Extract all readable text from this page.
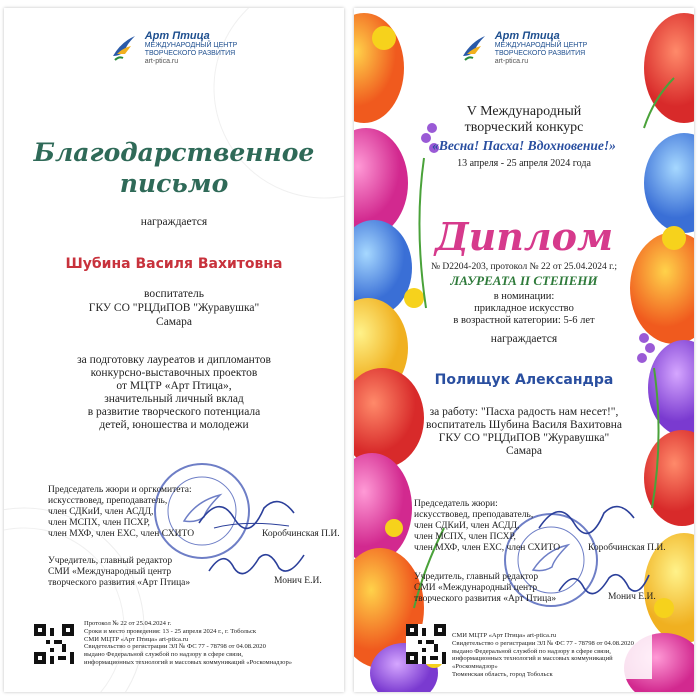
Арт Птица
МЕЖДУНАРОДНЫЙ ЦЕНТР
ТВОРЧЕСКОГО РАЗВИТИЯ
art-ptica.ru
Благодарственное
письмо
награждается
Шубина Василя Вахитовна
воспитатель
ГКУ СО "РЦДиПОВ "Журавушка"
Самара
за подготовку лауреатов и дипломантов
конкурсно-выставочных проектов
от МЦТР «Арт Птица»,
значительный личный вклад
в развитие творческого потенциала
детей, юношества и молодежи
Председатель жюри и оргкомитета:
искусствовед, преподаватель,
член СДКиИ, член АСДД,
член МСПХ, член ПСХР,
член МХФ, член ЕХС, член СХИТО	Коробчинская П.И.
Учредитель, главный редактор
СМИ «Международный центр
творческого развития «Арт Птица»	Монич Е.И.
Протокол № 22 от 25.04.2024 г.
Сроки и место проведения: 13 - 25 апреля 2024 г., г. Тобольск
СМИ МЦТР «Арт Птица» art-ptica.ru
Свидетельство о регистрации ЭЛ № ФС 77 - 78798 от 04.08.2020
выдано Федеральной службой по надзору в сфере связи,
информационных технологий и массовых коммуникаций «Роскомнадзор»

Арт Птица
МЕЖДУНАРОДНЫЙ ЦЕНТР
ТВОРЧЕСКОГО РАЗВИТИЯ
art-ptica.ru
V Международный
творческий конкурс
«Весна! Пасха! Вдохновение!»
13 апреля - 25 апреля 2024 года
Диплом
№ D2204-203, протокол № 22 от 25.04.2024 г.;
ЛАУРЕАТА II СТЕПЕНИ
в номинации:
прикладное искусство
в возрастной категории: 5-6 лет
награждается
Полищук Александра
за работу: "Пасха радость нам несет!",
воспитатель Шубина Василя Вахитовна
ГКУ СО "РЦДиПОВ "Журавушка"
Самара
Председатель жюри:
искусствовед, преподаватель,
член СДКиИ, член АСДД,
член МСПХ, член ПСХР,
член МХФ, член ЕХС, член СХИТО	Коробчинская П.И.
Учредитель, главный редактор
СМИ «Международный центр
творческого развития «Арт Птица»	Монич Е.И.
СМИ МЦТР «Арт Птица» art-ptica.ru
Свидетельство о регистрации ЭЛ № ФС 77 - 78798 от 04.08.2020
выдано Федеральной службой по надзору в сфере связи,
информационных технологий и массовых коммуникаций «Роскомнадзор»
Тюменская область, город Тобольск
